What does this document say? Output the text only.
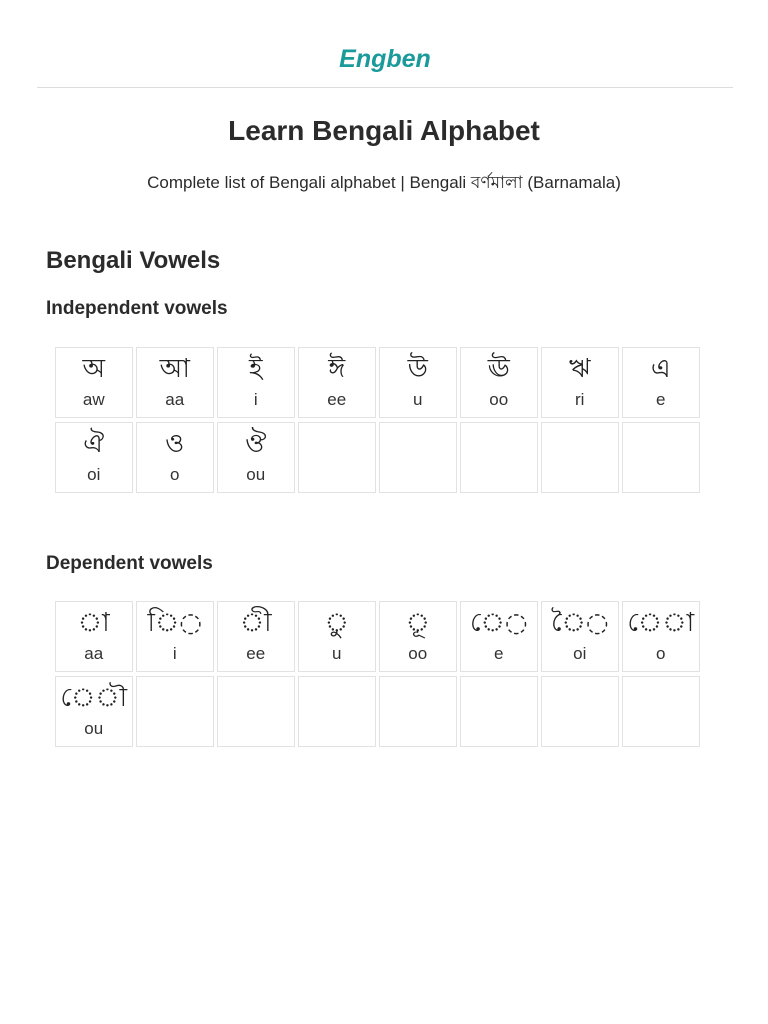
Engben
Learn Bengali Alphabet

Complete list of Bengali alphabet | Bengali বর্ণমালা (Barnamala)

Bengali Vowels
Independent vowels
অ
aw
আ
aa
ই
i
ঈ
ee
উ
u
ঊ
oo
ঋ
ri
এ
e
ঐ
oi
ও
o
ঔ
ou
Dependent vowels
◌া
aa
ি◌
i
◌ী
ee
◌ু
u
◌ূ
oo
ে◌
e
ৈ◌
oi
ে◌া
o
ে◌ৗ
ou
